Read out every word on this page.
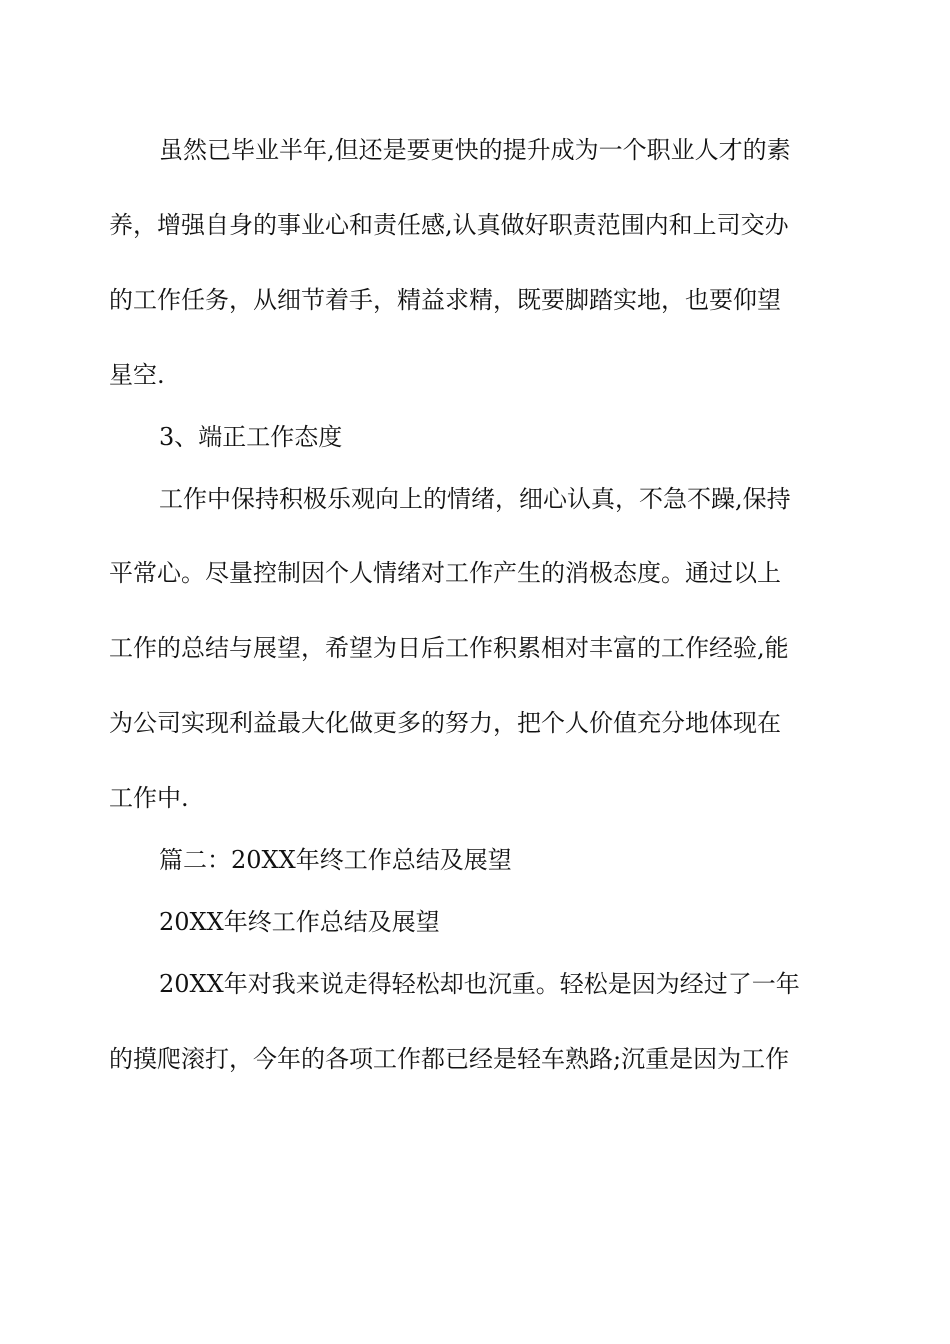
虽然已毕业半年,但还是要更快的提升成为一个职业人才的素

养，增强自身的事业心和责任感,认真做好职责范围内和上司交办

的工作任务，从细节着手，精益求精，既要脚踏实地，也要仰望

星空.

3、端正工作态度

工作中保持积极乐观向上的情绪，细心认真，不急不躁,保持

平常心。尽量控制因个人情绪对工作产生的消极态度。通过以上

工作的总结与展望，希望为日后工作积累相对丰富的工作经验,能

为公司实现利益最大化做更多的努力，把个人价值充分地体现在

工作中.

篇二：20XX年终工作总结及展望

20XX年终工作总结及展望

20XX年对我来说走得轻松却也沉重。轻松是因为经过了一年

的摸爬滚打，今年的各项工作都已经是轻车熟路;沉重是因为工作
